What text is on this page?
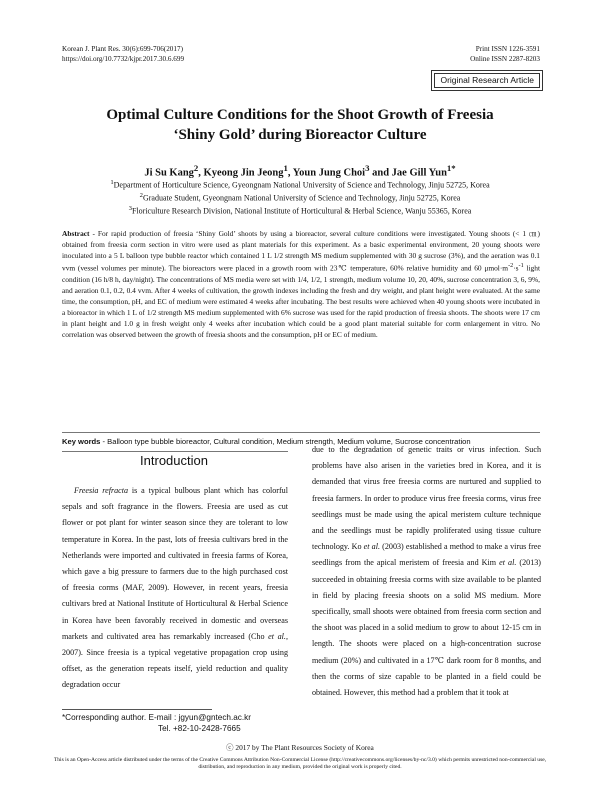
Korean J. Plant Res. 30(6):699-706(2017)
https://doi.org/10.7732/kjpr.2017.30.6.699
Print ISSN 1226-3591
Online ISSN 2287-8203
Original Research Article
Optimal Culture Conditions for the Shoot Growth of Freesia
‘Shiny Gold’ during Bioreactor Culture
Ji Su Kang$^2$, Kyeong Jin Jeong$^1$, Youn Jung Choi$^3$ and Jae Gill Yun$^{1*}$
$^1$Department of Horticulture Science, Gyeongnam National University of Science and Technology, Jinju 52725, Korea
$^2$Graduate Student, Gyeongnam National University of Science and Technology, Jinju 52725, Korea
$^3$Floriculture Research Division, National Institute of Horticultural & Herbal Science, Wanju 55365, Korea
Abstract - For rapid production of freesia ‘Shiny Gold’ shoots by using a bioreactor, several culture conditions were investigated. Young shoots (< 1 ㎝) obtained from freesia corm section in vitro were used as plant materials for this experiment. As a basic experimental environment, 20 young shoots were inoculated into a 5 L balloon type bubble reactor which contained 1 L 1/2 strength MS medium supplemented with 30 g sucrose (3%), and the aeration was 0.1 vvm (vessel volumes per minute). The bioreactors were placed in a growth room with 23℃ temperature, 60% relative humidity and 60 $\mu mol\cdot m^{-2}\cdot s^{-1}$ light condition (16 h/8 h, day/night). The concentrations of MS media were set with 1/4, 1/2, 1 strength, medium volume 10, 20, 40%, sucrose concentration 3, 6, 9%, and aeration 0.1, 0.2, 0.4 vvm. After 4 weeks of cultivation, the growth indexes including the fresh and dry weight, and plant height were evaluated. At the same time, the consumption, pH, and EC of medium were estimated 4 weeks after incubating. The best results were achieved when 40 young shoots were incubated in a bioreactor in which 1 L of 1/2 strength MS medium supplemented with 6% sucrose was used for the rapid production of freesia shoots. The shoots were 17 cm in plant height and 1.0 g in fresh weight only 4 weeks after incubation which could be a good plant material suitable for corm enlargement in vitro. No correlation was observed between the growth of freesia shoots and the consumption, pH or EC of medium.
Key words - Balloon type bubble bioreactor, Cultural condition, Medium strength, Medium volume, Sucrose concentration
Introduction
Freesia refracta is a typical bulbous plant which has colorful sepals and soft fragrance in the flowers. Freesia are used as cut flower or pot plant for winter season since they are tolerant to low temperature in Korea. In the past, lots of freesia cultivars bred in the Netherlands were imported and cultivated in freesia farms of Korea, which gave a big pressure to farmers due to the high purchased cost of freesia corms (MAF, 2009). However, in recent years, freesia cultivars bred at National Institute of Horticultural & Herbal Science in Korea have been favorably received in domestic and overseas markets and cultivated area has remarkably increased (Cho et al., 2007). Since freesia is a typical vegetative propagation crop using offset, as the generation repeats itself, yield reduction and quality degradation occur
due to the degradation of genetic traits or virus infection. Such problems have also arisen in the varieties bred in Korea, and it is demanded that virus free freesia corms are nurtured and supplied to freesia farmers. In order to produce virus free freesia corms, virus free seedlings must be made using the apical meristem culture technique and the seedlings must be rapidly proliferated using tissue culture technology. Ko et al. (2003) established a method to make a virus free seedlings from the apical meristem of freesia and Kim et al. (2013) succeeded in obtaining freesia corms with size available to be planted in field by placing freesia shoots on a solid MS medium. More specifically, small shoots were obtained from freesia corm section and the shoot was placed in a solid medium to grow to about 12-15 cm in length. The shoots were placed on a high-concentration sucrose medium (20%) and cultivated in a 17℃ dark room for 8 months, and then the corms of size capable to be planted in a field could be obtained. However, this method had a problem that it took at
*Corresponding author. E-mail : jgyun@gntech.ac.kr
Tel. +82-10-2428-7665
ⓒ 2017 by The Plant Resources Society of Korea
This is an Open-Access article distributed under the terms of the Creative Commons Attribution Non-Commercial License (http://creativecommons.org/licenses/by-nc/3.0) which permits unrestricted non-commercial use, distribution, and reproduction in any medium, provided the original work is properly cited.
